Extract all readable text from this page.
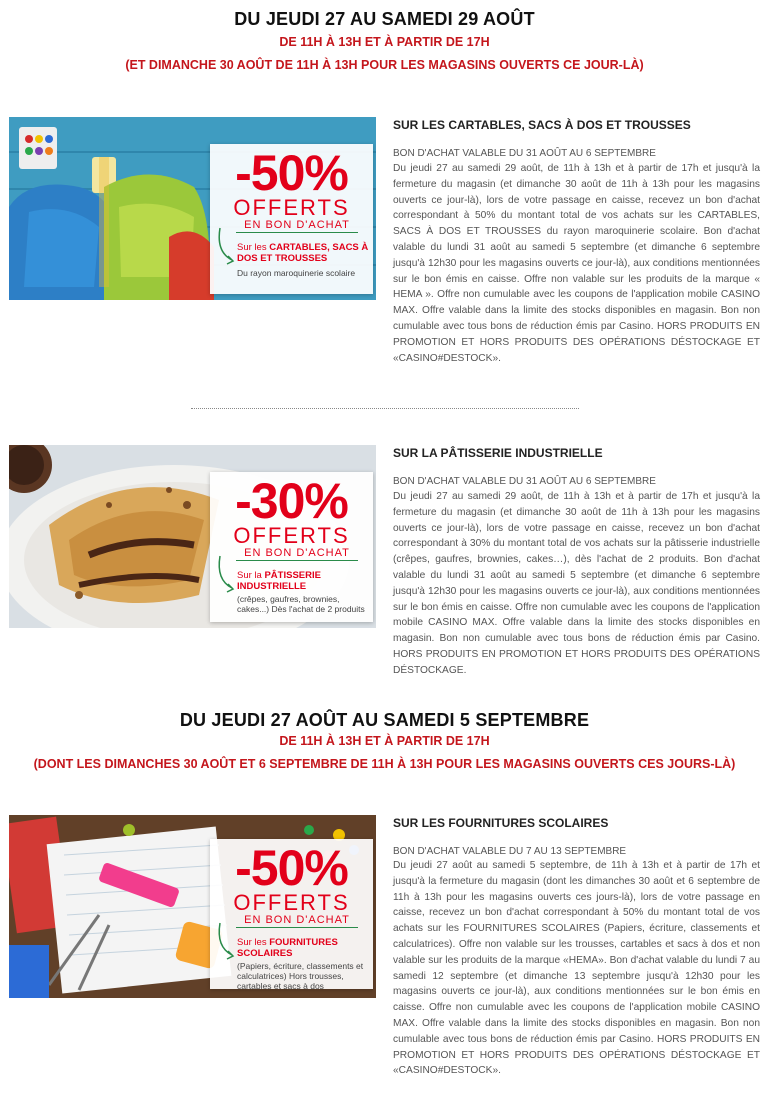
DU JEUDI 27 AU SAMEDI 29 AOÛT
DE 11H À 13H ET À PARTIR DE 17H
(ET DIMANCHE 30 AOÛT DE 11H À 13H POUR LES MAGASINS OUVERTS CE JOUR-LÀ)
-50%
OFFERTS
EN BON D'ACHAT
Sur les CARTABLES, SACS À DOS ET TROUSSES
Du rayon maroquinerie scolaire
SUR LES CARTABLES, SACS À DOS ET TROUSSES
BON D'ACHAT VALABLE DU 31 AOÛT AU 6 SEPTEMBRE
Du jeudi 27 au samedi 29 août, de 11h à 13h et à partir de 17h et jusqu'à la fermeture du magasin (et dimanche 30 août de 11h à 13h pour les magasins ouverts ce jour-là), lors de votre passage en caisse, recevez un bon d'achat correspondant à 50% du montant total de vos achats sur les CARTABLES, SACS À DOS ET TROUSSES du rayon maroquinerie scolaire. Bon d'achat valable du lundi 31 août au samedi 5 septembre (et dimanche 6 septembre jusqu'à 12h30 pour les magasins ouverts ce jour-là), aux conditions mentionnées sur le bon émis en caisse. Offre non valable sur les produits de la marque « HEMA ». Offre non cumulable avec les coupons de l'application mobile CASINO MAX. Offre valable dans la limite des stocks disponibles en magasin. Bon non cumulable avec tous bons de réduction émis par Casino. HORS PRODUITS EN PROMOTION ET HORS PRODUITS DES OPÉRATIONS DÉSTOCKAGE ET «CASINO#DESTOCK».
-30%
OFFERTS
EN BON D'ACHAT
Sur la PÂTISSERIE INDUSTRIELLE
(crêpes, gaufres, brownies, cakes...) Dès l'achat de 2 produits
SUR LA PÂTISSERIE INDUSTRIELLE
BON D'ACHAT VALABLE DU 31 AOÛT AU 6 SEPTEMBRE
Du jeudi 27 au samedi 29 août, de 11h à 13h et à partir de 17h et jusqu'à la fermeture du magasin (et dimanche 30 août de 11h à 13h pour les magasins ouverts ce jour-là), lors de votre passage en caisse, recevez un bon d'achat correspondant à 30% du montant total de vos achats sur la pâtisserie industrielle (crêpes, gaufres, brownies, cakes…), dès l'achat de 2 produits. Bon d'achat valable du lundi 31 août au samedi 5 septembre (et dimanche 6 septembre jusqu'à 12h30 pour les magasins ouverts ce jour-là), aux conditions mentionnées sur le bon émis en caisse. Offre non cumulable avec les coupons de l'application mobile CASINO MAX. Offre valable dans la limite des stocks disponibles en magasin. Bon non cumulable avec tous bons de réduction émis par Casino. HORS PRODUITS EN PROMOTION ET HORS PRODUITS DES OPÉRATIONS DÉSTOCKAGE.
DU JEUDI 27 AOÛT AU SAMEDI 5 SEPTEMBRE
DE 11H À 13H ET À PARTIR DE 17H
(DONT LES DIMANCHES 30 AOÛT ET 6 SEPTEMBRE DE 11H À 13H POUR LES MAGASINS OUVERTS CES JOURS-LÀ)
-50%
OFFERTS
EN BON D'ACHAT
Sur les FOURNITURES SCOLAIRES
(Papiers, écriture, classements et calculatrices) Hors trousses, cartables et sacs à dos
SUR LES FOURNITURES SCOLAIRES
BON D'ACHAT VALABLE DU 7 AU 13 SEPTEMBRE
Du jeudi 27 août au samedi 5 septembre, de 11h à 13h et à partir de 17h et jusqu'à la fermeture du magasin (dont les dimanches 30 août et 6 septembre de 11h à 13h pour les magasins ouverts ces jours-là), lors de votre passage en caisse, recevez un bon d'achat correspondant à 50% du montant total de vos achats sur les FOURNITURES SCOLAIRES (Papiers, écriture, classements et calculatrices). Offre non valable sur les trousses, cartables et sacs à dos et non valable sur les produits de la marque «HEMA». Bon d'achat valable du lundi 7 au samedi 12 septembre (et dimanche 13 septembre jusqu'à 12h30 pour les magasins ouverts ce jour-là), aux conditions mentionnées sur le bon émis en caisse. Offre non cumulable avec les coupons de l'application mobile CASINO MAX. Offre valable dans la limite des stocks disponibles en magasin. Bon non cumulable avec tous bons de réduction émis par Casino. HORS PRODUITS EN PROMOTION ET HORS PRODUITS DES OPÉRATIONS DÉSTOCKAGE ET «CASINO#DESTOCK».
